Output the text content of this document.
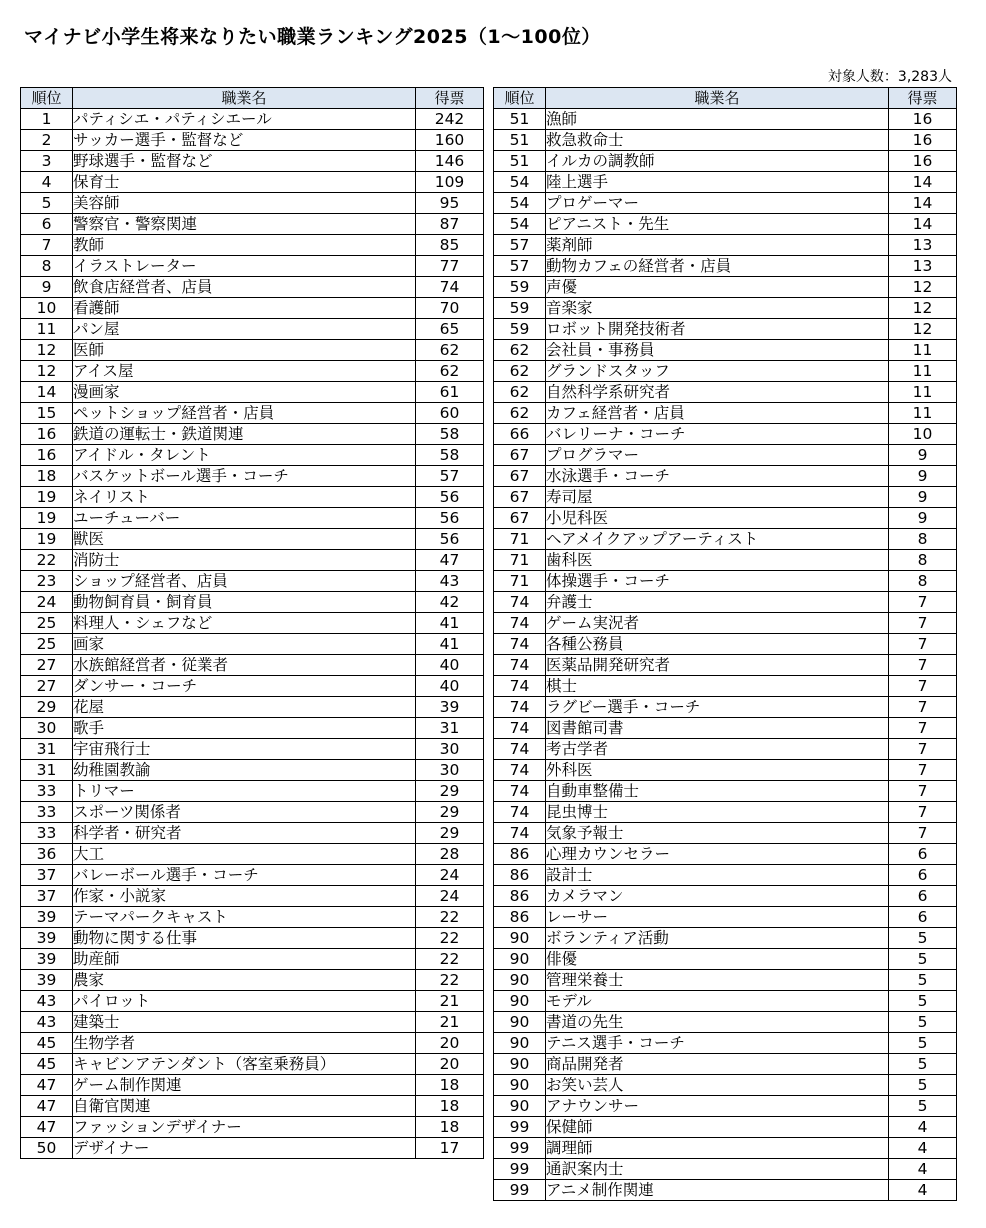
マイナビ小学生将来なりたい職業ランキング2025（1～100位）
対象人数：3,283人
順位	職業名	得票
1	パティシエ・パティシエール	242
2	サッカー選手・監督など	160
3	野球選手・監督など	146
4	保育士	109
5	美容師	95
6	警察官・警察関連	87
7	教師	85
8	イラストレーター	77
9	飲食店経営者、店員	74
10	看護師	70
11	パン屋	65
12	医師	62
12	アイス屋	62
14	漫画家	61
15	ペットショップ経営者・店員	60
16	鉄道の運転士・鉄道関連	58
16	アイドル・タレント	58
18	バスケットボール選手・コーチ	57
19	ネイリスト	56
19	ユーチューバー	56
19	獣医	56
22	消防士	47
23	ショップ経営者、店員	43
24	動物飼育員・飼育員	42
25	料理人・シェフなど	41
25	画家	41
27	水族館経営者・従業者	40
27	ダンサー・コーチ	40
29	花屋	39
30	歌手	31
31	宇宙飛行士	30
31	幼稚園教諭	30
33	トリマー	29
33	スポーツ関係者	29
33	科学者・研究者	29
36	大工	28
37	バレーボール選手・コーチ	24
37	作家・小説家	24
39	テーマパークキャスト	22
39	動物に関する仕事	22
39	助産師	22
39	農家	22
43	パイロット	21
43	建築士	21
45	生物学者	20
45	キャビンアテンダント（客室乗務員）	20
47	ゲーム制作関連	18
47	自衛官関連	18
47	ファッションデザイナー	18
50	デザイナー	17
順位	職業名	得票
51	漁師	16
51	救急救命士	16
51	イルカの調教師	16
54	陸上選手	14
54	プロゲーマー	14
54	ピアニスト・先生	14
57	薬剤師	13
57	動物カフェの経営者・店員	13
59	声優	12
59	音楽家	12
59	ロボット開発技術者	12
62	会社員・事務員	11
62	グランドスタッフ	11
62	自然科学系研究者	11
62	カフェ経営者・店員	11
66	バレリーナ・コーチ	10
67	プログラマー	9
67	水泳選手・コーチ	9
67	寿司屋	9
67	小児科医	9
71	ヘアメイクアップアーティスト	8
71	歯科医	8
71	体操選手・コーチ	8
74	弁護士	7
74	ゲーム実況者	7
74	各種公務員	7
74	医薬品開発研究者	7
74	棋士	7
74	ラグビー選手・コーチ	7
74	図書館司書	7
74	考古学者	7
74	外科医	7
74	自動車整備士	7
74	昆虫博士	7
74	気象予報士	7
86	心理カウンセラー	6
86	設計士	6
86	カメラマン	6
86	レーサー	6
90	ボランティア活動	5
90	俳優	5
90	管理栄養士	5
90	モデル	5
90	書道の先生	5
90	テニス選手・コーチ	5
90	商品開発者	5
90	お笑い芸人	5
90	アナウンサー	5
99	保健師	4
99	調理師	4
99	通訳案内士	4
99	アニメ制作関連	4
